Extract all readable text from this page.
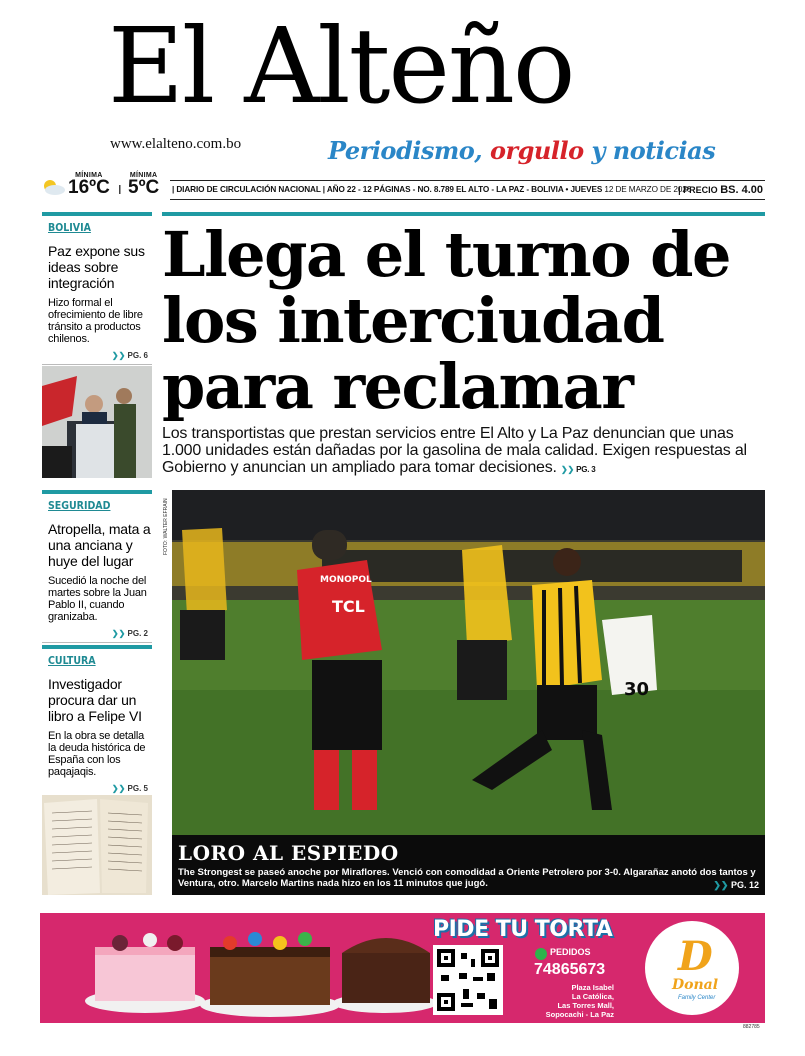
El Alteño
www.elalteno.com.bo	Periodismo, orgullo y noticias
MÍNIMA
16ºC I
MÍNIMA
5ºC | DIARIO DE CIRCULACIÓN NACIONAL | AÑO 22 - 12 PÁGINAS - NO. 8.789 EL ALTO - LA PAZ - BOLIVIA • JUEVES 12 DE MARZO DE 2026
| PRECIO BS. 4.00
BOLIVIA
Paz expone sus ideas sobre integración
Hizo formal el ofrecimiento de libre tránsito a productos chilenos.
❯❯ PG. 6
SEGURIDAD
Atropella, mata a una anciana y huye del lugar
Sucedió la noche del martes sobre la Juan Pablo II, cuando granizaba.
❯❯ PG. 2
CULTURA
Investigador procura dar un libro a Felipe VI
En la obra se detalla la deuda histórica de España con los paqajaqis.
❯❯ PG. 5
Llega el turno de los interciudad para reclamar

Los transportistas que prestan servicios entre El Alto y La Paz denuncian que unas 1.000 unidades están dañadas por la gasolina de mala calidad. Exigen respuestas al Gobierno y anuncian un ampliado para tomar decisiones. ❯❯ PG. 3

FOTO: WALTER EFRAIN
MONOPOL
TCL
30
LORO AL ESPIEDO
The Strongest se paseó anoche por Miraflores. Venció con comodidad a Oriente Petrolero por 3-0. Algarañaz anotó dos tantos y Ventura, otro. Marcelo Martins nada hizo en los 11 minutos que jugó.	❯❯ PG. 12
PIDE TU TORTA
PEDIDOS
74865673
Plaza Isabel
La Católica,
Las Torres Mall,
Sopocachi - La Paz
D
Donal
Family Center
882785
